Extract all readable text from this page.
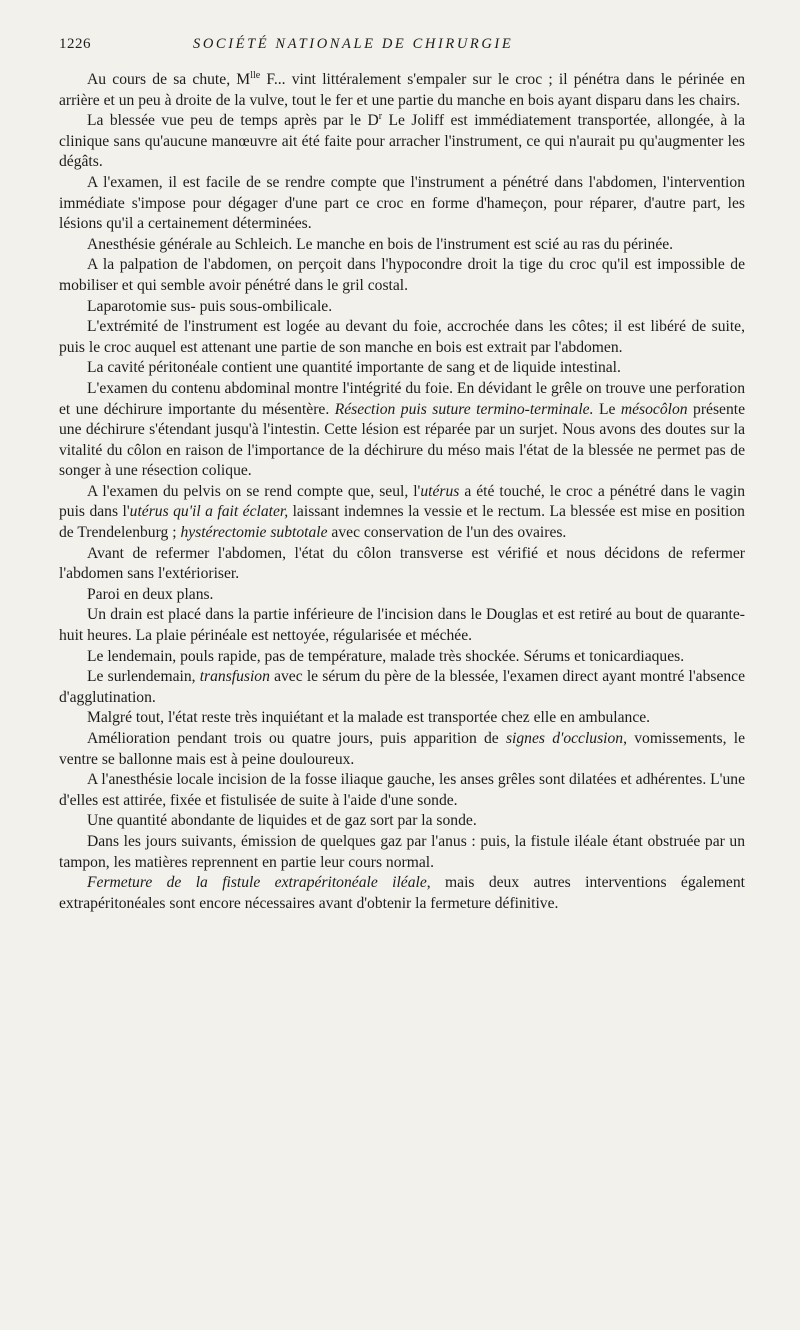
1226	SOCIÉTÉ NATIONALE DE CHIRURGIE

Au cours de sa chute, $M^{lle}$ F... vint littéralement s'empaler sur le croc ; il pénétra dans le périnée en arrière et un peu à droite de la vulve, tout le fer et une partie du manche en bois ayant disparu dans les chairs.

La blessée vue peu de temps après par le $D^r$ Le Joliff est immédiatement transportée, allongée, à la clinique sans qu'aucune manœuvre ait été faite pour arracher l'instrument, ce qui n'aurait pu qu'augmenter les dégâts.

A l'examen, il est facile de se rendre compte que l'instrument a pénétré dans l'abdomen, l'intervention immédiate s'impose pour dégager d'une part ce croc en forme d'hameçon, pour réparer, d'autre part, les lésions qu'il a certainement déterminées.

Anesthésie générale au Schleich. Le manche en bois de l'instrument est scié au ras du périnée.

A la palpation de l'abdomen, on perçoit dans l'hypocondre droit la tige du croc qu'il est impossible de mobiliser et qui semble avoir pénétré dans le gril costal.

Laparotomie sus- puis sous-ombilicale.

L'extrémité de l'instrument est logée au devant du foie, accrochée dans les côtes; il est libéré de suite, puis le croc auquel est attenant une partie de son manche en bois est extrait par l'abdomen.

La cavité péritonéale contient une quantité importante de sang et de liquide intestinal.

L'examen du contenu abdominal montre l'intégrité du foie. En dévidant le grêle on trouve une perforation et une déchirure importante du mésentère. Résection puis suture termino-terminale. Le mésocôlon présente une déchirure s'étendant jusqu'à l'intestin. Cette lésion est réparée par un surjet. Nous avons des doutes sur la vitalité du côlon en raison de l'importance de la déchirure du méso mais l'état de la blessée ne permet pas de songer à une résection colique.

A l'examen du pelvis on se rend compte que, seul, l'utérus a été touché, le croc a pénétré dans le vagin puis dans l'utérus qu'il a fait éclater, laissant indemnes la vessie et le rectum. La blessée est mise en position de Trendelenburg ; hystérectomie subtotale avec conservation de l'un des ovaires.

Avant de refermer l'abdomen, l'état du côlon transverse est vérifié et nous décidons de refermer l'abdomen sans l'extérioriser.

Paroi en deux plans.

Un drain est placé dans la partie inférieure de l'incision dans le Douglas et est retiré au bout de quarante-huit heures. La plaie périnéale est nettoyée, régularisée et méchée.

Le lendemain, pouls rapide, pas de température, malade très shockée. Sérums et tonicardiaques.

Le surlendemain, transfusion avec le sérum du père de la blessée, l'examen direct ayant montré l'absence d'agglutination.

Malgré tout, l'état reste très inquiétant et la malade est transportée chez elle en ambulance.

Amélioration pendant trois ou quatre jours, puis apparition de signes d'occlusion, vomissements, le ventre se ballonne mais est à peine douloureux.

A l'anesthésie locale incision de la fosse iliaque gauche, les anses grêles sont dilatées et adhérentes. L'une d'elles est attirée, fixée et fistulisée de suite à l'aide d'une sonde.

Une quantité abondante de liquides et de gaz sort par la sonde.

Dans les jours suivants, émission de quelques gaz par l'anus : puis, la fistule iléale étant obstruée par un tampon, les matières reprennent en partie leur cours normal.

Fermeture de la fistule extrapéritonéale iléale, mais deux autres interventions également extrapéritonéales sont encore nécessaires avant d'obtenir la fermeture définitive.
